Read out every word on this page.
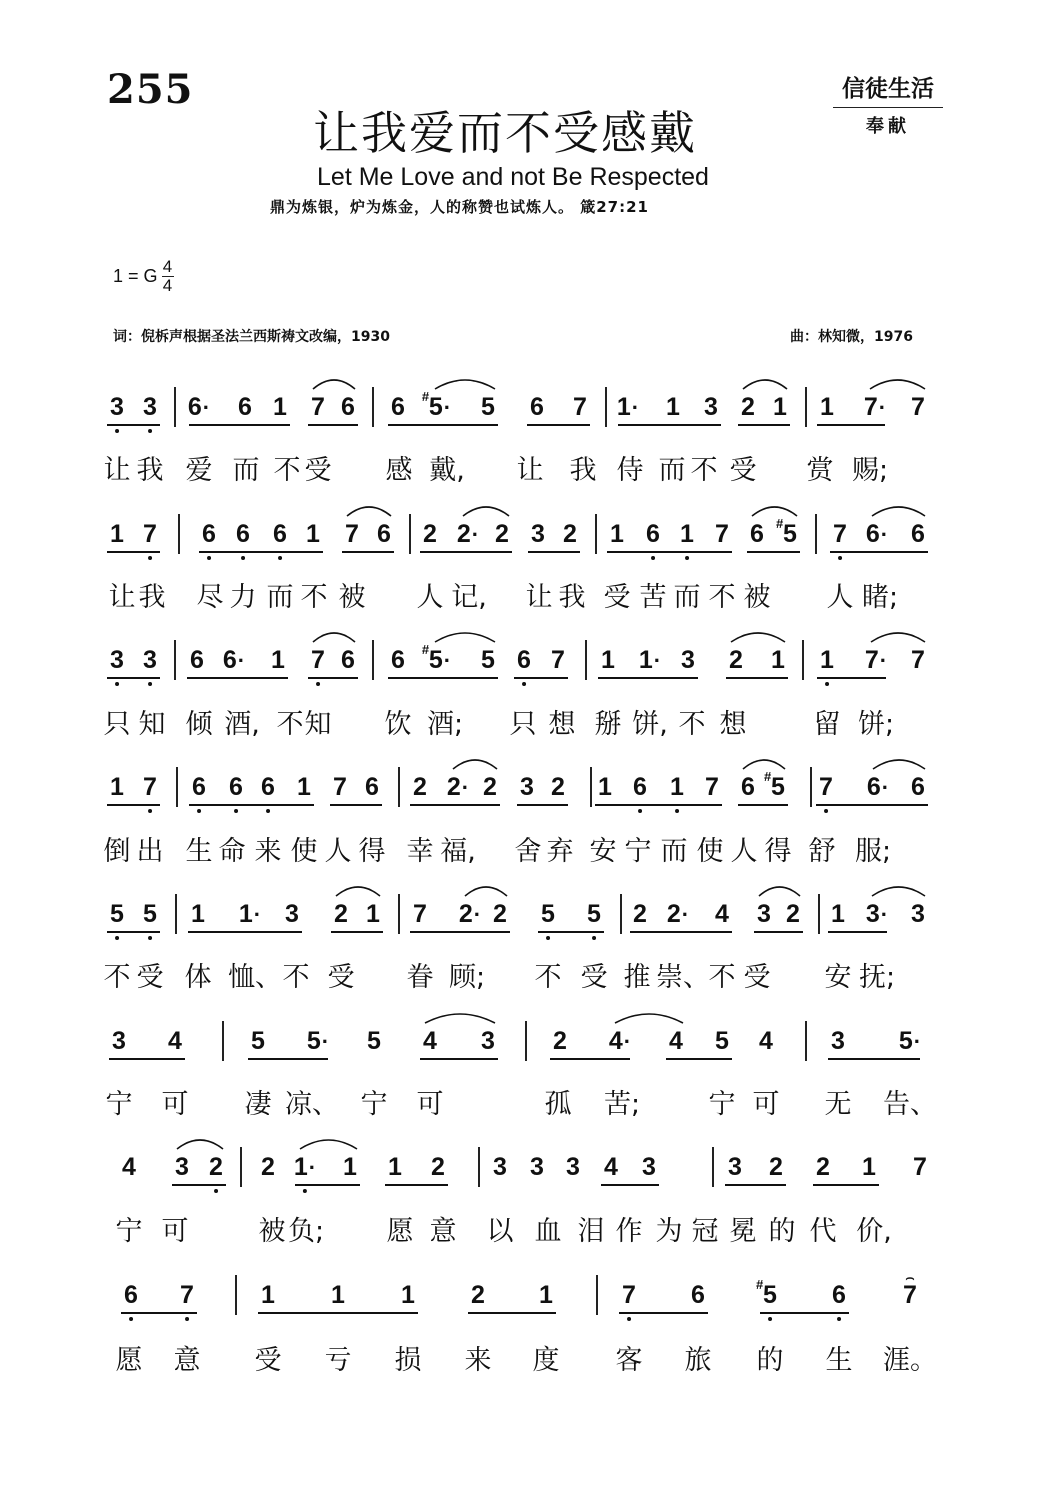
255	信徒生活
奉献
让我爱而不受感戴
Let Me Love and not Be Respected
鼎为炼银，炉为炼金，人的称赞也试炼人。 箴27:21
1 = G 4
4
词：倪柝声根据圣法兰西斯祷文改编，1930	曲：林知微，1976
3 3 6· 6 1 7 6 6 5·
# 5 6 7 1· 1 3 2 1 1 7· 7
让 我 爱 而 不 受 感 戴, 让 我 侍 而 不 受 赏 赐;
1 7 6 6 6 1 7 6 2 2· 2 3 2 1 6 1 7 6 5
# 7 6· 6
让 我 尽 力 而 不 被 人 记, 让 我 受 苦 而 不 被 人 睹;
3 3 6 6· 1 7 6 6 5·
# 5 6 7 1 1· 3 2 1 1 7· 7
只 知 倾 酒, 不 知 饮 酒; 只 想 掰 饼, 不 想 留 饼;
1 7 6 6 6 1 7 6 2 2· 2 3 2 1 6 1 7 6 5
# 7 6· 6
倒 出 生 命 来 使 人 得 幸 福, 舍 弃 安 宁 而 使 人 得 舒 服;
5 5 1 1· 3 2 1 7 2· 2 5 5 2 2· 4 3 2 1 3· 3
不 受 体 恤、 不 受 眷 顾; 不 受 推 崇、
不 受 安 抚;
3 4	5 5· 5 4 3 2 4· 4 5 4 3 5·
宁 可 凄 凉、 宁 可	孤 苦;	宁 可 无 告、
4 3 2 2 1· 1 1 2 3 3 3 4 3	3 2 2 1 7
宁 可	被 负; 愿 意 以 血 泪 作 为 冠 冕 的 代 价,
6 7	1 1 1 2 1	7 6 5
#	6 7
⌢
愿 意 受 亏 损 来 度 客 旅 的 生 涯。
